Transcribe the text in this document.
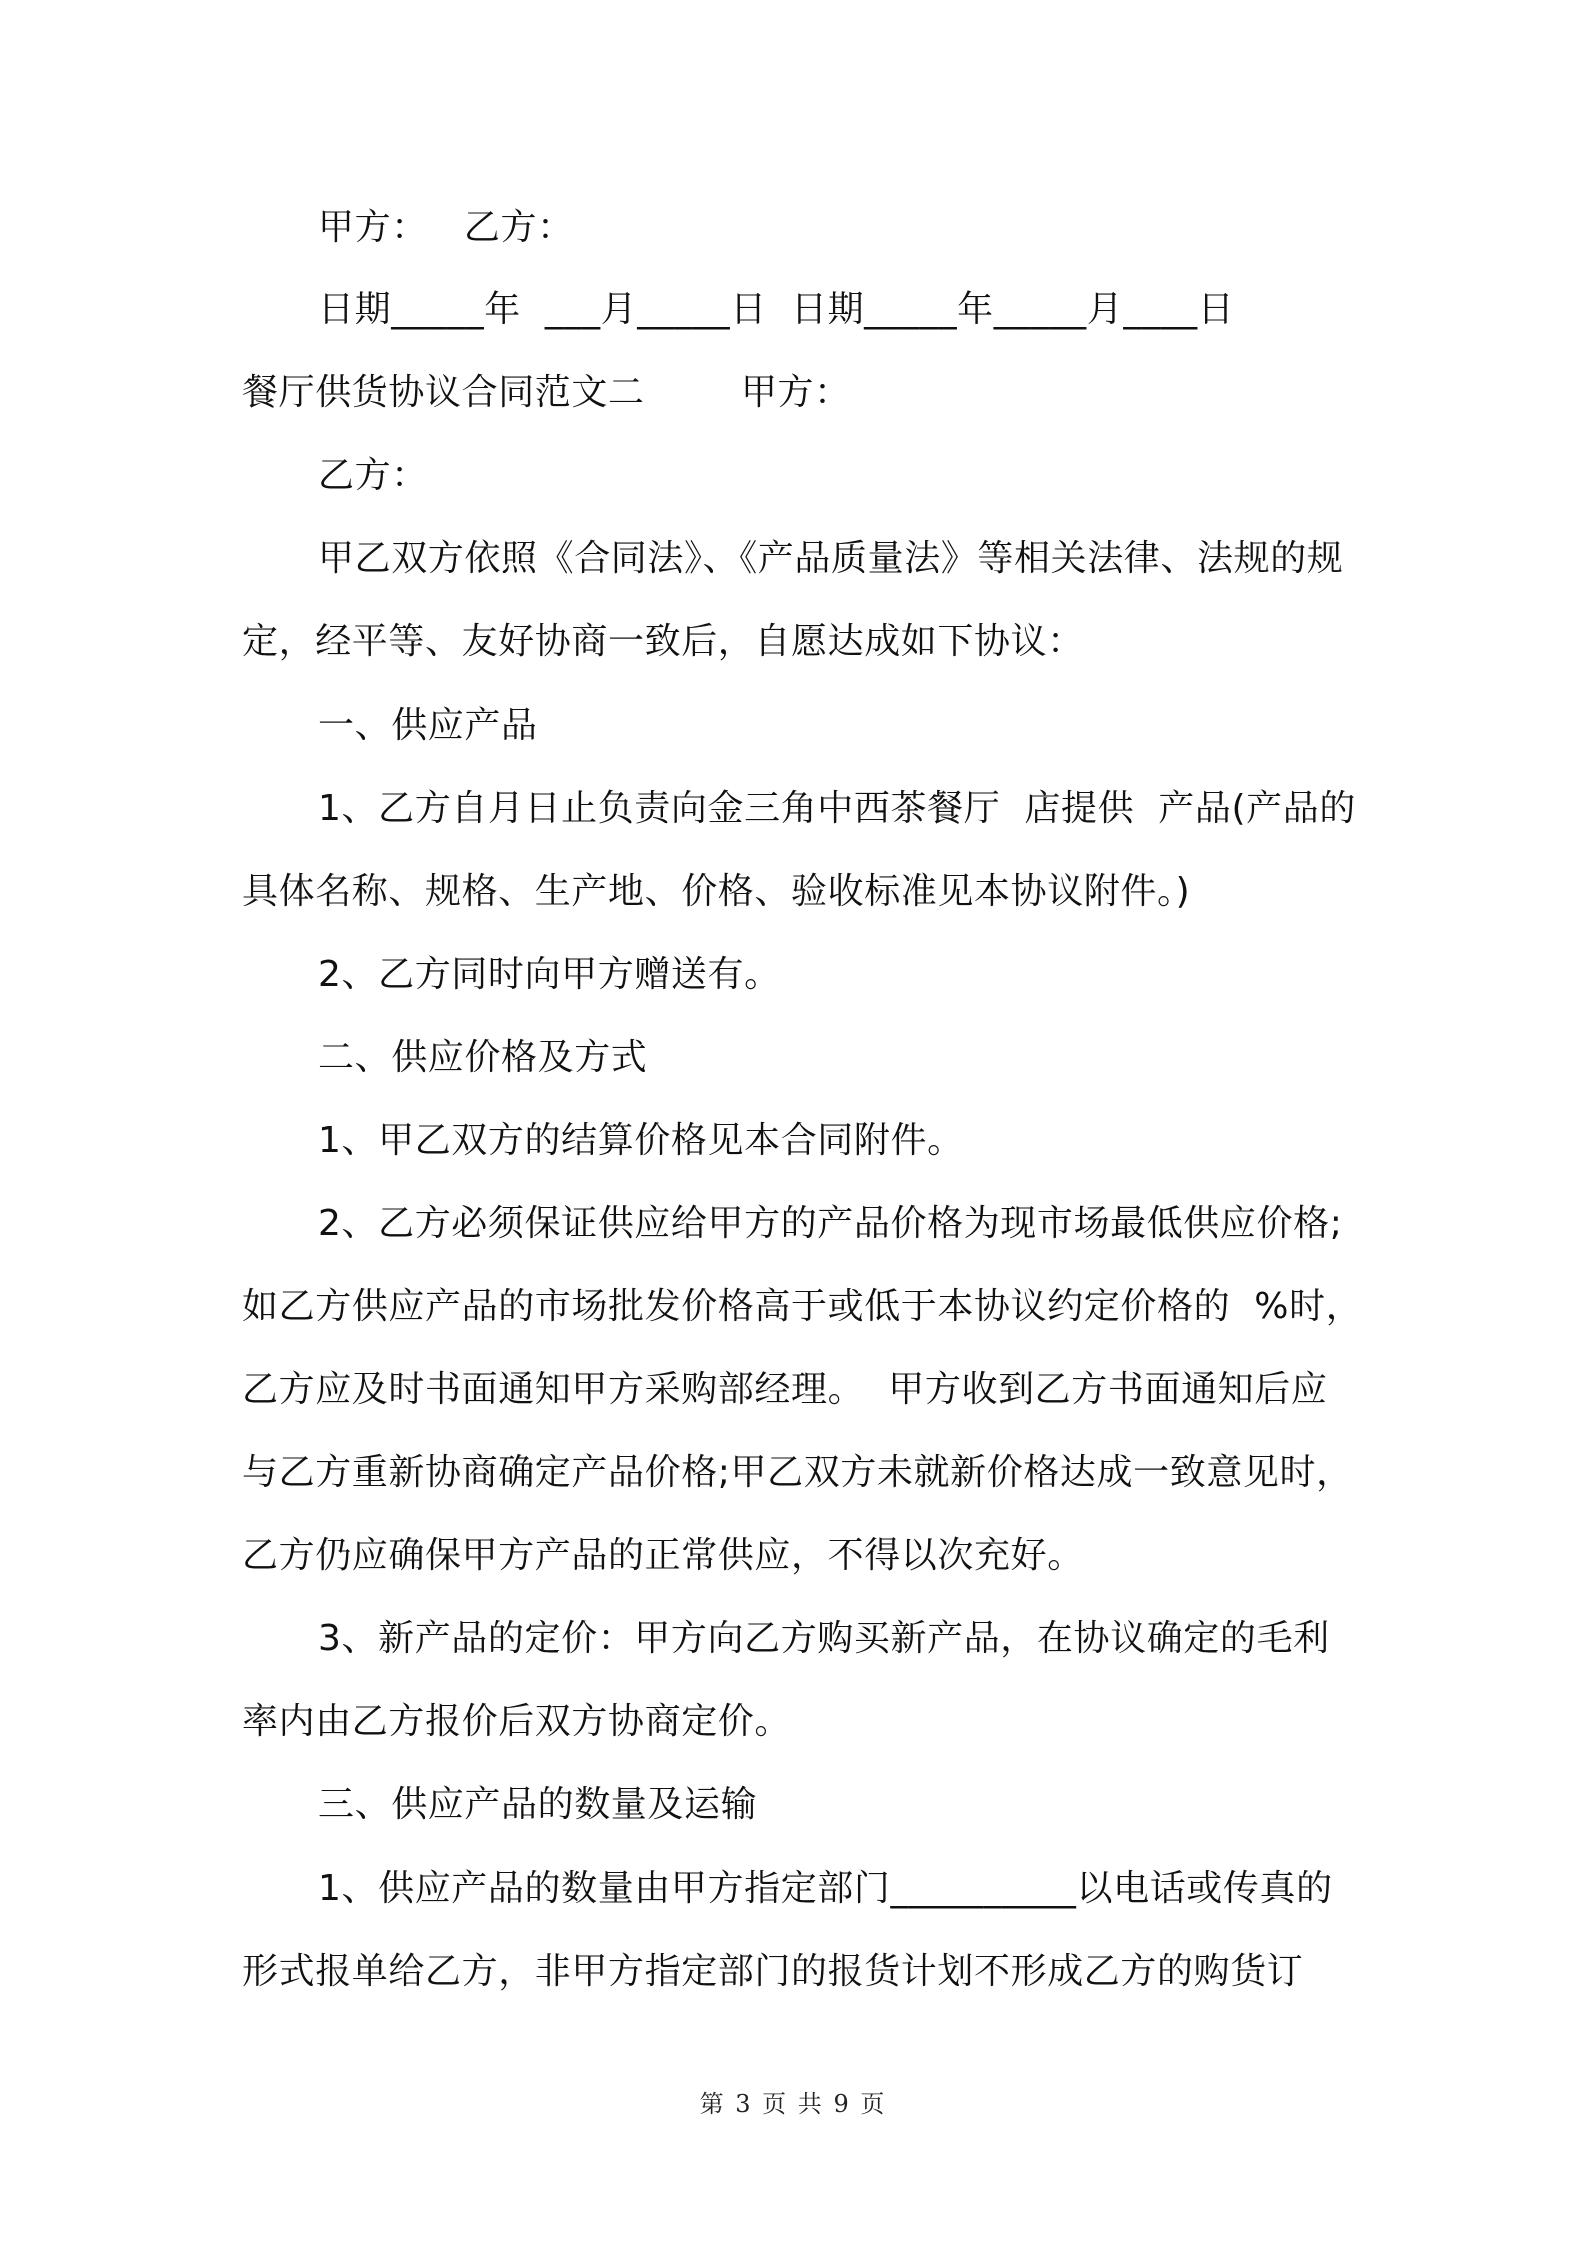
甲方：   乙方：
日期_____年  ___月_____日  日期_____年_____月____日
餐厅供货协议合同范文二        甲方：
乙方：
甲乙双方依照《合同法》、《产品质量法》等相关法律、法规的规
定，经平等、友好协商一致后，自愿达成如下协议：
一、供应产品
1、乙方自月日止负责向金三角中西茶餐厅  店提供  产品(产品的
具体名称、规格、生产地、价格、验收标准见本协议附件。)
2、乙方同时向甲方赠送有。
二、供应价格及方式
1、甲乙双方的结算价格见本合同附件。
2、乙方必须保证供应给甲方的产品价格为现市场最低供应价格;
如乙方供应产品的市场批发价格高于或低于本协议约定价格的  %时，
乙方应及时书面通知甲方采购部经理。  甲方收到乙方书面通知后应
与乙方重新协商确定产品价格;甲乙双方未就新价格达成一致意见时，
乙方仍应确保甲方产品的正常供应，不得以次充好。
3、新产品的定价：甲方向乙方购买新产品，在协议确定的毛利
率内由乙方报价后双方协商定价。
三、供应产品的数量及运输
1、供应产品的数量由甲方指定部门__________以电话或传真的
形式报单给乙方，非甲方指定部门的报货计划不形成乙方的购货订
第 3 页 共 9 页
